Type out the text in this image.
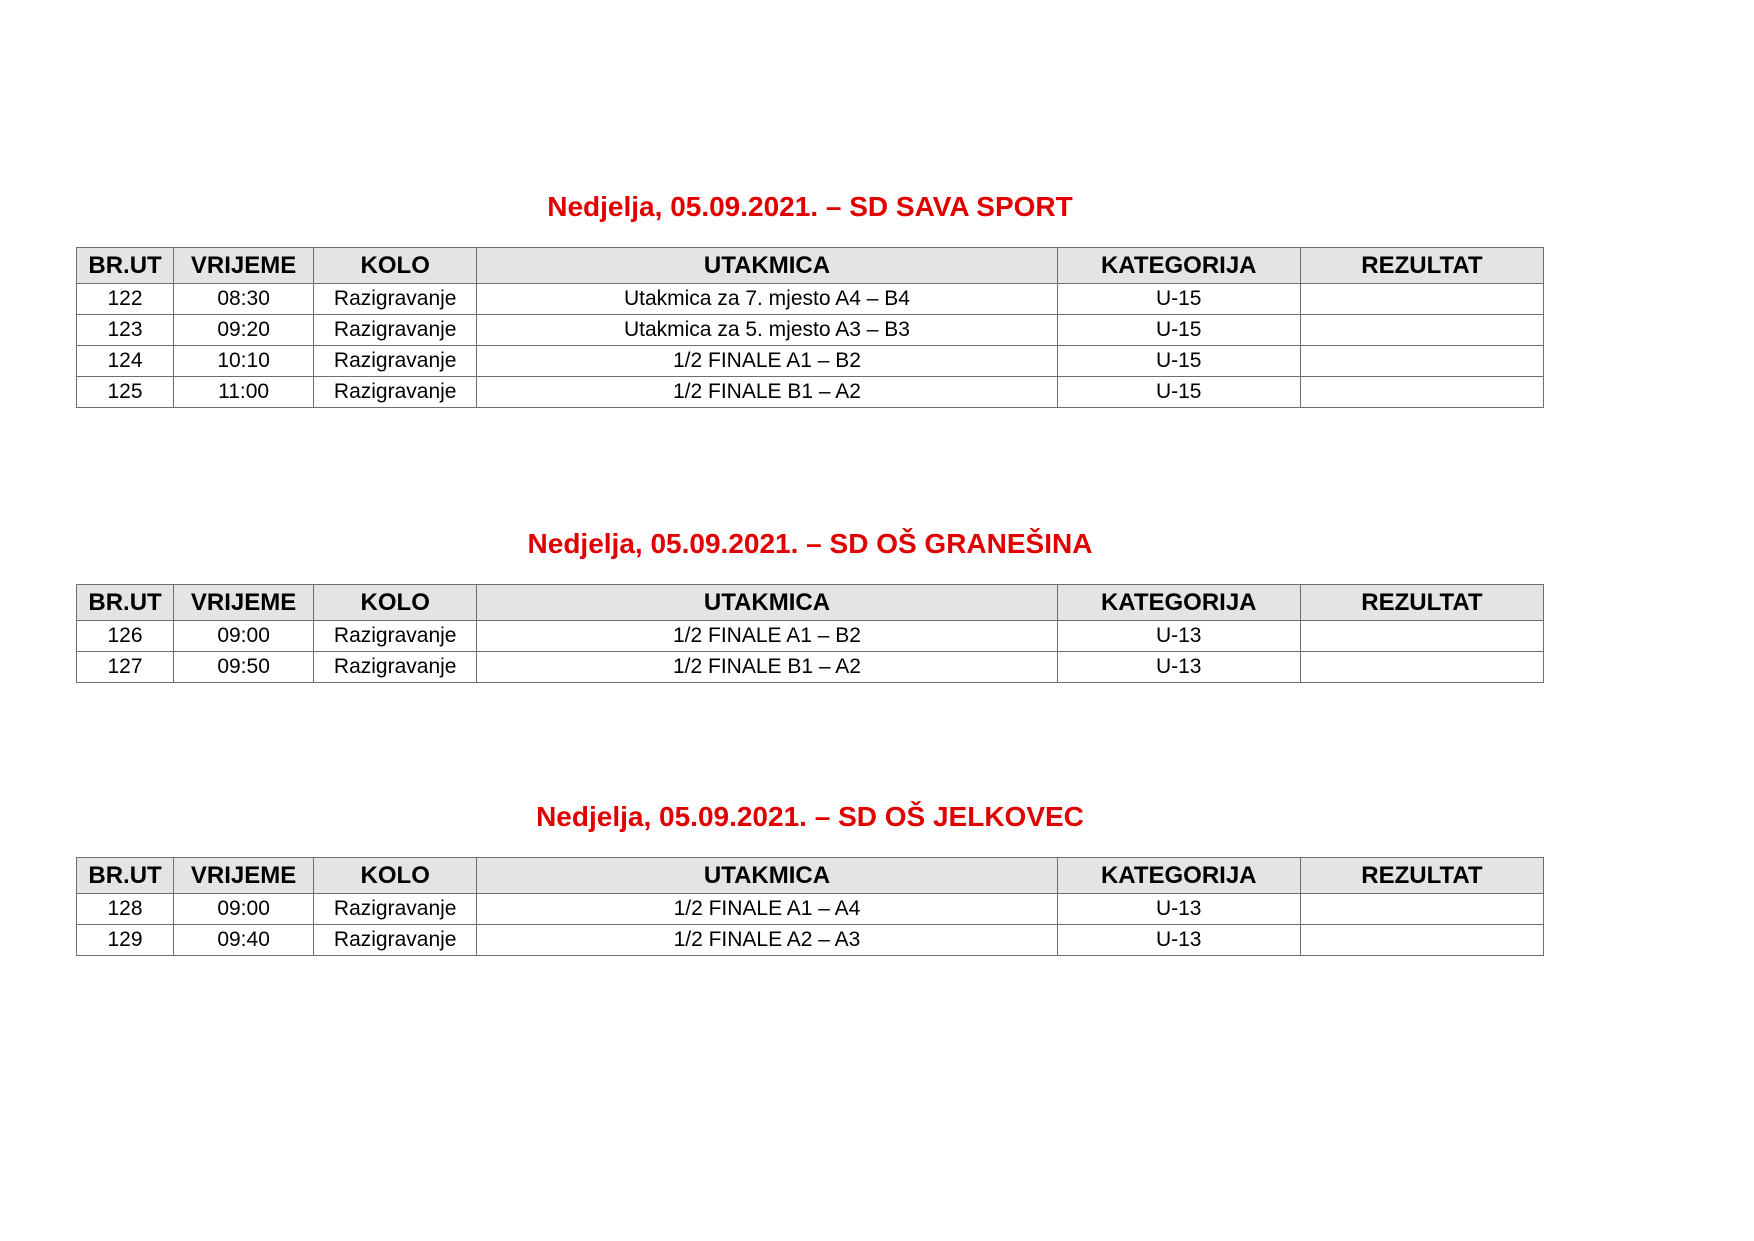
Nedjelja, 05.09.2021. – SD SAVA SPORT
BR.UT	VRIJEME	KOLO	UTAKMICA	KATEGORIJA	REZULTAT
122	08:30	Razigravanje	Utakmica za 7. mjesto A4 – B4	U-15	
123	09:20	Razigravanje	Utakmica za 5. mjesto A3 – B3	U-15	
124	10:10	Razigravanje	1/2 FINALE A1 – B2	U-15	
125	11:00	Razigravanje	1/2 FINALE B1 – A2	U-15	
Nedjelja, 05.09.2021. – SD OŠ GRANEŠINA
BR.UT	VRIJEME	KOLO	UTAKMICA	KATEGORIJA	REZULTAT
126	09:00	Razigravanje	1/2 FINALE A1 – B2	U-13	
127	09:50	Razigravanje	1/2 FINALE B1 – A2	U-13	
Nedjelja, 05.09.2021. – SD OŠ JELKOVEC
BR.UT	VRIJEME	KOLO	UTAKMICA	KATEGORIJA	REZULTAT
128	09:00	Razigravanje	1/2 FINALE A1 – A4	U-13	
129	09:40	Razigravanje	1/2 FINALE A2 – A3	U-13	
